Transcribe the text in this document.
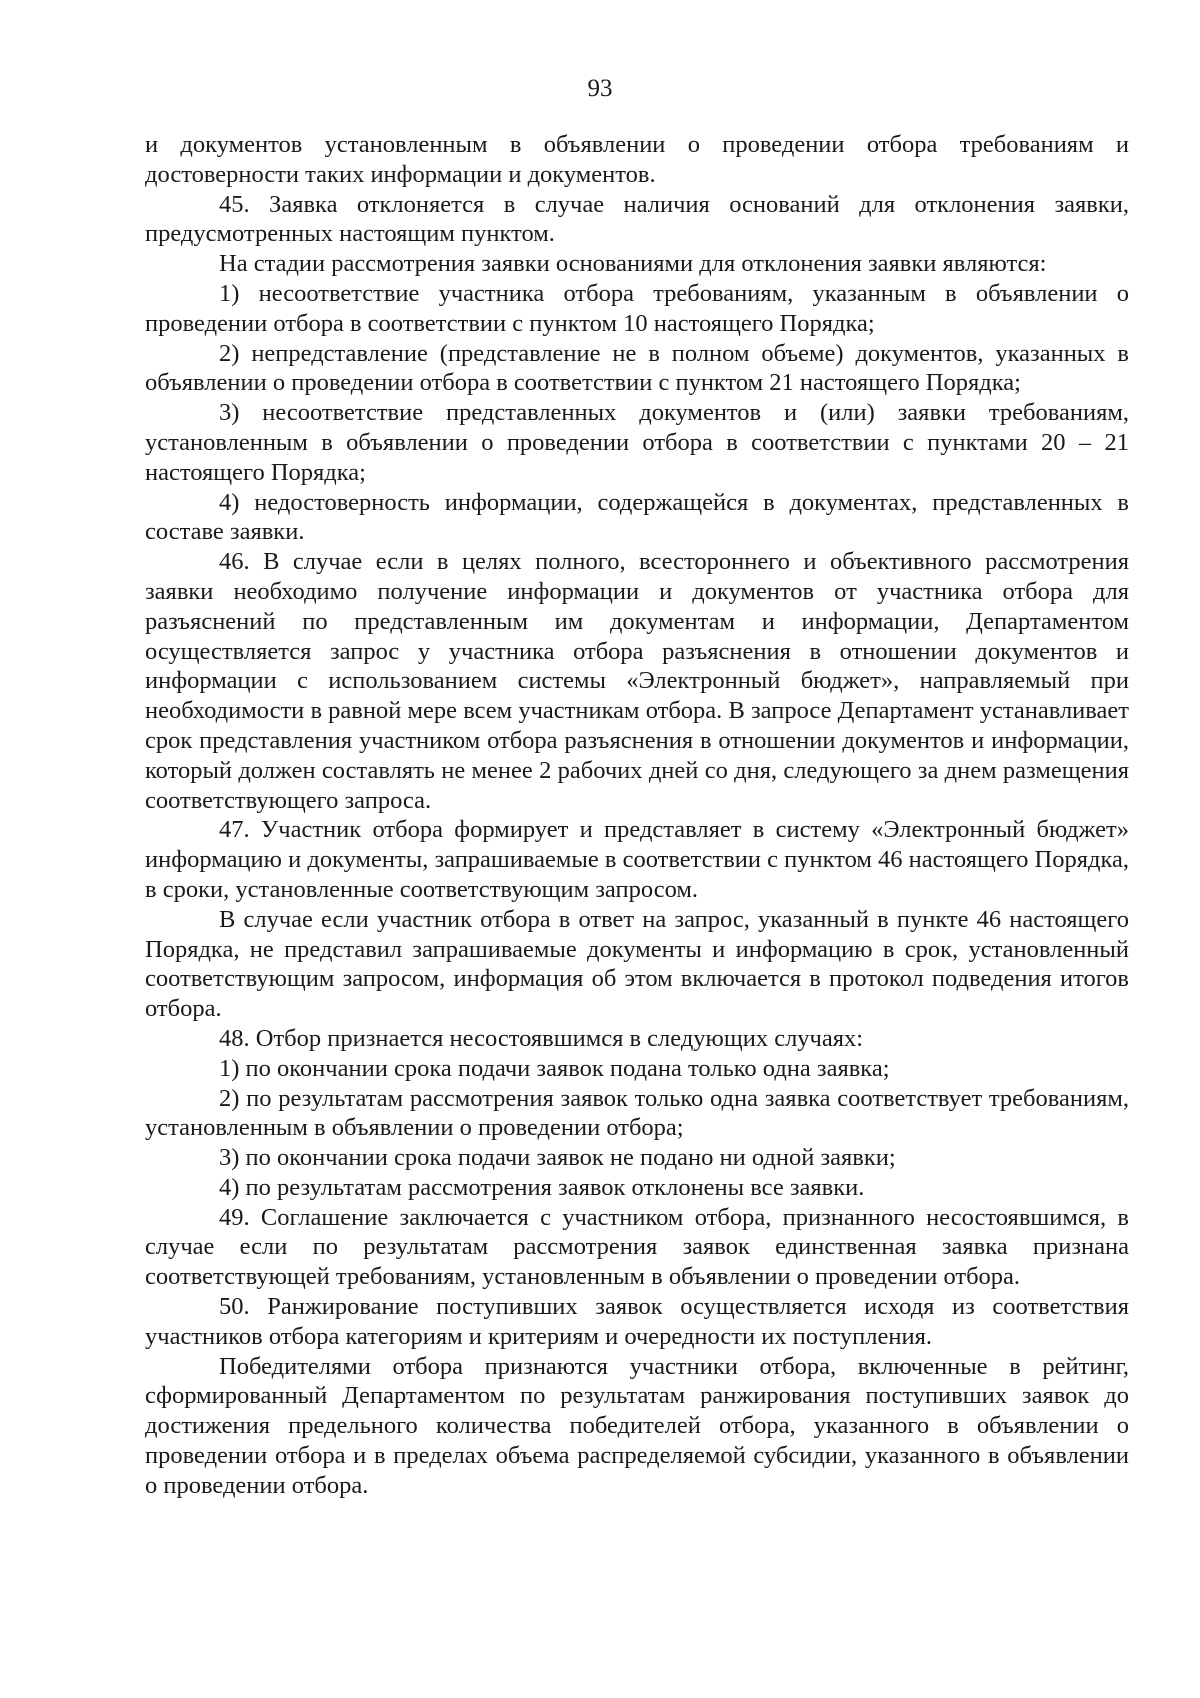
93

и документов установленным в объявлении о проведении отбора требованиям и достоверности таких информации и документов.

45. Заявка отклоняется в случае наличия оснований для отклонения заявки, предусмотренных настоящим пунктом.

На стадии рассмотрения заявки основаниями для отклонения заявки являются:

1) несоответствие участника отбора требованиям, указанным в объявлении о проведении отбора в соответствии с пунктом 10 настоящего Порядка;

2) непредставление (представление не в полном объеме) документов, указанных в объявлении о проведении отбора в соответствии с пунктом 21 настоящего Порядка;

3) несоответствие представленных документов и (или) заявки требованиям, установленным в объявлении о проведении отбора в соответствии с пунктами 20 – 21 настоящего Порядка;

4) недостоверность информации, содержащейся в документах, представленных в составе заявки.

46. В случае если в целях полного, всестороннего и объективного рассмотрения заявки необходимо получение информации и документов от участника отбора для разъяснений по представленным им документам и информации, Департаментом осуществляется запрос у участника отбора разъяснения в отношении документов и информации с использованием системы «Электронный бюджет», направляемый при необходимости в равной мере всем участникам отбора. В запросе Департамент устанавливает срок представления участником отбора разъяснения в отношении документов и информации, который должен составлять не менее 2 рабочих дней со дня, следующего за днем размещения соответствующего запроса.

47. Участник отбора формирует и представляет в систему «Электронный бюджет» информацию и документы, запрашиваемые в соответствии с пунктом 46 настоящего Порядка, в сроки, установленные соответствующим запросом.

В случае если участник отбора в ответ на запрос, указанный в пункте 46 настоящего Порядка, не представил запрашиваемые документы и информацию в срок, установленный соответствующим запросом, информация об этом включается в протокол подведения итогов отбора.

48. Отбор признается несостоявшимся в следующих случаях:

1) по окончании срока подачи заявок подана только одна заявка;

2) по результатам рассмотрения заявок только одна заявка соответствует требованиям, установленным в объявлении о проведении отбора;

3) по окончании срока подачи заявок не подано ни одной заявки;

4) по результатам рассмотрения заявок отклонены все заявки.

49. Соглашение заключается с участником отбора, признанного несостоявшимся, в случае если по результатам рассмотрения заявок единственная заявка признана соответствующей требованиям, установленным в объявлении о проведении отбора.

50. Ранжирование поступивших заявок осуществляется исходя из соответствия участников отбора категориям и критериям и очередности их поступления.

Победителями отбора признаются участники отбора, включенные в рейтинг, сформированный Департаментом по результатам ранжирования поступивших заявок до достижения предельного количества победителей отбора, указанного в объявлении о проведении отбора и в пределах объема распределяемой субсидии, указанного в объявлении о проведении отбора.
